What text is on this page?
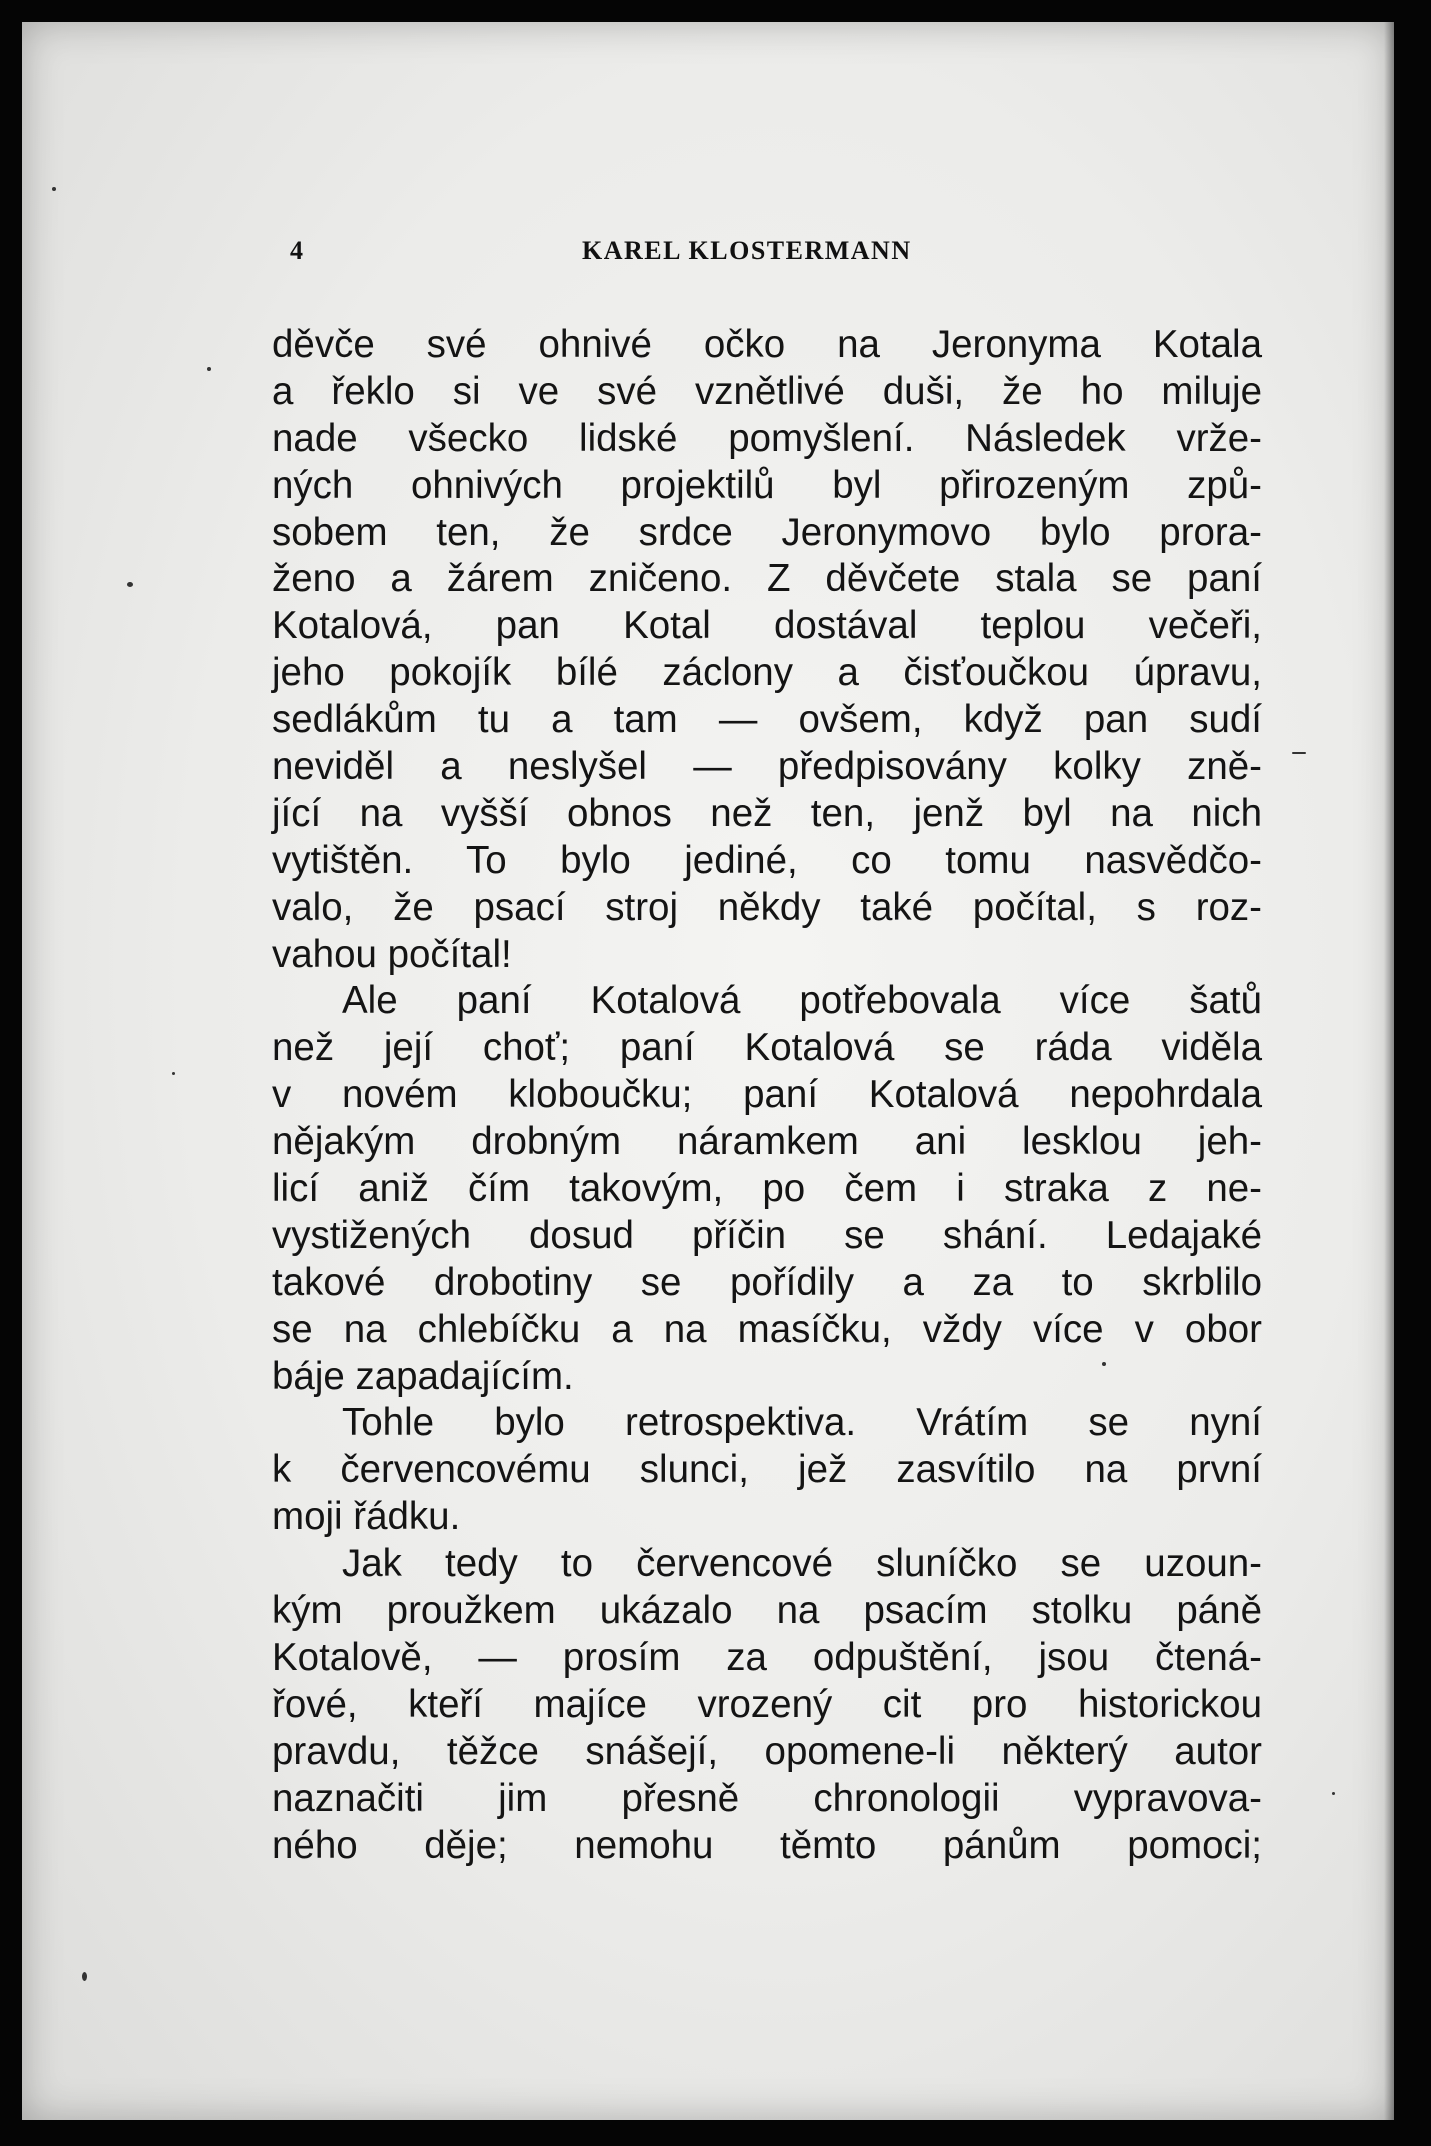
4	KAREL KLOSTERMANN
děvče své ohnivé očko na Jeronyma Kotala
a řeklo si ve své vznětlivé duši, že ho miluje
nade všecko lidské pomyšlení. Následek vrže-
ných ohnivých projektilů byl přirozeným způ-
sobem ten, že srdce Jeronymovo bylo prora-
ženo a žárem zničeno. Z děvčete stala se paní
Kotalová, pan Kotal dostával teplou večeři,
jeho pokojík bílé záclony a čisťoučkou úpravu,
sedlákům tu a tam — ovšem, když pan sudí
neviděl a neslyšel — předpisovány kolky zně-
jící na vyšší obnos než ten, jenž byl na nich
vytištěn. To bylo jediné, co tomu nasvědčo-
valo, že psací stroj někdy také počítal, s roz-
vahou počítal!
Ale paní Kotalová potřebovala více šatů
než její choť; paní Kotalová se ráda viděla
v novém kloboučku; paní Kotalová nepohrdala
nějakým drobným náramkem ani lesklou jeh-
licí aniž čím takovým, po čem i straka z ne-
vystižených dosud příčin se shání. Ledajaké
takové drobotiny se pořídily a za to skrblilo
se na chlebíčku a na masíčku, vždy více v obor
báje zapadajícím.
Tohle bylo retrospektiva. Vrátím se nyní
k červencovému slunci, jež zasvítilo na první
moji řádku.
Jak tedy to červencové sluníčko se uzoun-
kým proužkem ukázalo na psacím stolku páně
Kotalově, — prosím za odpuštění, jsou čtená-
řové, kteří majíce vrozený cit pro historickou
pravdu, těžce snášejí, opomene-li některý autor
naznačiti jim přesně chronologii vypravova-
ného děje; nemohu těmto pánům pomoci;
